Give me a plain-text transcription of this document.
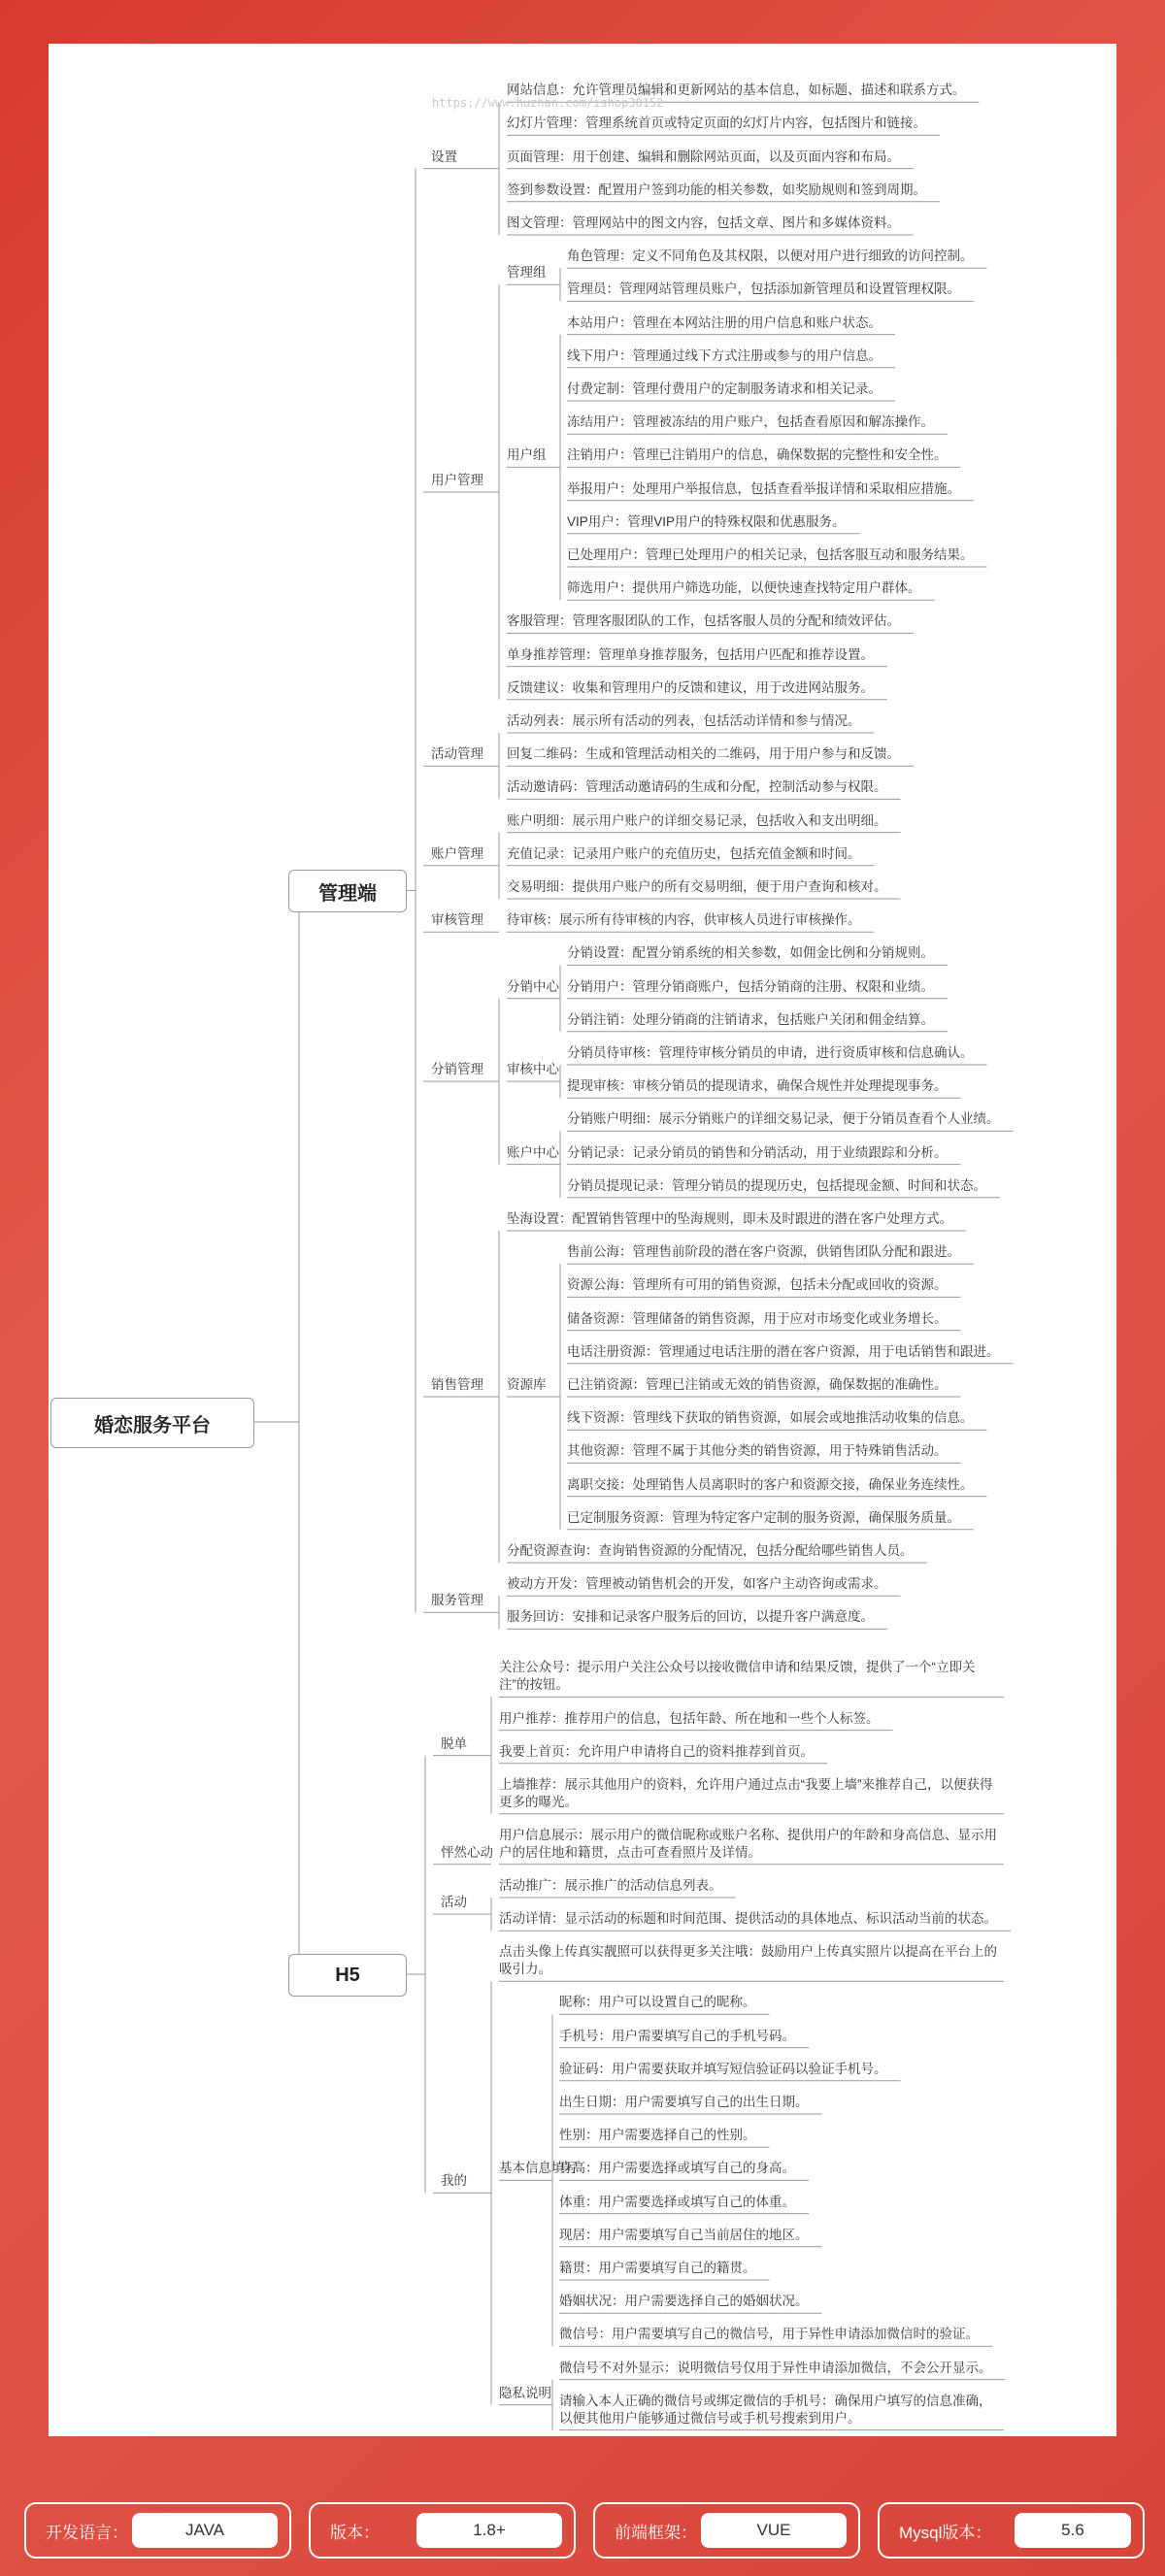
https://www.huzhan.com/ishop38152
网站信息：允许管理员编辑和更新网站的基本信息，如标题、描述和联系方式。
幻灯片管理：管理系统首页或特定页面的幻灯片内容，包括图片和链接。
页面管理：用于创建、编辑和删除网站页面，以及页面内容和布局。
签到参数设置：配置用户签到功能的相关参数，如奖励规则和签到周期。
图文管理：管理网站中的图文内容，包括文章、图片和多媒体资料。
设置
角色管理：定义不同角色及其权限，以便对用户进行细致的访问控制。
管理员：管理网站管理员账户，包括添加新管理员和设置管理权限。
管理组
本站用户：管理在本网站注册的用户信息和账户状态。
线下用户：管理通过线下方式注册或参与的用户信息。
付费定制：管理付费用户的定制服务请求和相关记录。
冻结用户：管理被冻结的用户账户，包括查看原因和解冻操作。
注销用户：管理已注销用户的信息，确保数据的完整性和安全性。
举报用户：处理用户举报信息，包括查看举报详情和采取相应措施。
VIP用户：管理VIP用户的特殊权限和优惠服务。
已处理用户：管理已处理用户的相关记录，包括客服互动和服务结果。
筛选用户：提供用户筛选功能，以便快速查找特定用户群体。
用户组
客服管理：管理客服团队的工作，包括客服人员的分配和绩效评估。
单身推荐管理：管理单身推荐服务，包括用户匹配和推荐设置。
反馈建议：收集和管理用户的反馈和建议，用于改进网站服务。
用户管理
活动列表：展示所有活动的列表，包括活动详情和参与情况。
回复二维码：生成和管理活动相关的二维码，用于用户参与和反馈。
活动邀请码：管理活动邀请码的生成和分配，控制活动参与权限。
活动管理
账户明细：展示用户账户的详细交易记录，包括收入和支出明细。
充值记录：记录用户账户的充值历史，包括充值金额和时间。
交易明细：提供用户账户的所有交易明细，便于用户查询和核对。
账户管理
待审核：展示所有待审核的内容，供审核人员进行审核操作。
审核管理
分销设置：配置分销系统的相关参数，如佣金比例和分销规则。
分销用户：管理分销商账户，包括分销商的注册、权限和业绩。
分销注销：处理分销商的注销请求，包括账户关闭和佣金结算。
分销中心
分销员待审核：管理待审核分销员的申请，进行资质审核和信息确认。
提现审核：审核分销员的提现请求，确保合规性并处理提现事务。
审核中心
分销账户明细：展示分销账户的详细交易记录，便于分销员查看个人业绩。
分销记录：记录分销员的销售和分销活动，用于业绩跟踪和分析。
分销员提现记录：管理分销员的提现历史，包括提现金额、时间和状态。
账户中心
分销管理
坠海设置：配置销售管理中的坠海规则，即未及时跟进的潜在客户处理方式。
售前公海：管理售前阶段的潜在客户资源，供销售团队分配和跟进。
资源公海：管理所有可用的销售资源，包括未分配或回收的资源。
储备资源：管理储备的销售资源，用于应对市场变化或业务增长。
电话注册资源：管理通过电话注册的潜在客户资源，用于电话销售和跟进。
已注销资源：管理已注销或无效的销售资源，确保数据的准确性。
线下资源：管理线下获取的销售资源，如展会或地推活动收集的信息。
其他资源：管理不属于其他分类的销售资源，用于特殊销售活动。
离职交接：处理销售人员离职时的客户和资源交接，确保业务连续性。
已定制服务资源：管理为特定客户定制的服务资源，确保服务质量。
资源库
分配资源查询：查询销售资源的分配情况，包括分配给哪些销售人员。
销售管理
被动方开发：管理被动销售机会的开发，如客户主动咨询或需求。
服务回访：安排和记录客户服务后的回访，以提升客户满意度。
服务管理
管理端
关注公众号：提示用户关注公众号以接收微信申请和结果反馈，提供了一个“立即关注”的按钮。
用户推荐：推荐用户的信息，包括年龄、所在地和一些个人标签。
我要上首页：允许用户申请将自己的资料推荐到首页。
上墙推荐：展示其他用户的资料，允许用户通过点击“我要上墙”来推荐自己，以便获得更多的曝光。
脱单
用户信息展示：展示用户的微信昵称或账户名称、提供用户的年龄和身高信息、显示用户的居住地和籍贯，点击可查看照片及详情。
怦然心动
活动推广：展示推广的活动信息列表。
活动详情：显示活动的标题和时间范围、提供活动的具体地点、标识活动当前的状态。
活动
点击头像上传真实靓照可以获得更多关注哦：鼓励用户上传真实照片以提高在平台上的吸引力。
昵称：用户可以设置自己的昵称。
手机号：用户需要填写自己的手机号码。
验证码：用户需要获取并填写短信验证码以验证手机号。
出生日期：用户需要填写自己的出生日期。
性别：用户需要选择自己的性别。
身高：用户需要选择或填写自己的身高。
体重：用户需要选择或填写自己的体重。
现居：用户需要填写自己当前居住的地区。
籍贯：用户需要填写自己的籍贯。
婚姻状况：用户需要选择自己的婚姻状况。
微信号：用户需要填写自己的微信号，用于异性申请添加微信时的验证。
基本信息填写
微信号不对外显示：说明微信号仅用于异性申请添加微信，不会公开显示。
请输入本人正确的微信号或绑定微信的手机号：确保用户填写的信息准确，以便其他用户能够通过微信号或手机号搜索到用户。
隐私说明
我的
H5
婚恋服务平台
开发语言：	JAVA	版本：	1.8+	前端框架：	VUE	Mysql版本：	5.6
